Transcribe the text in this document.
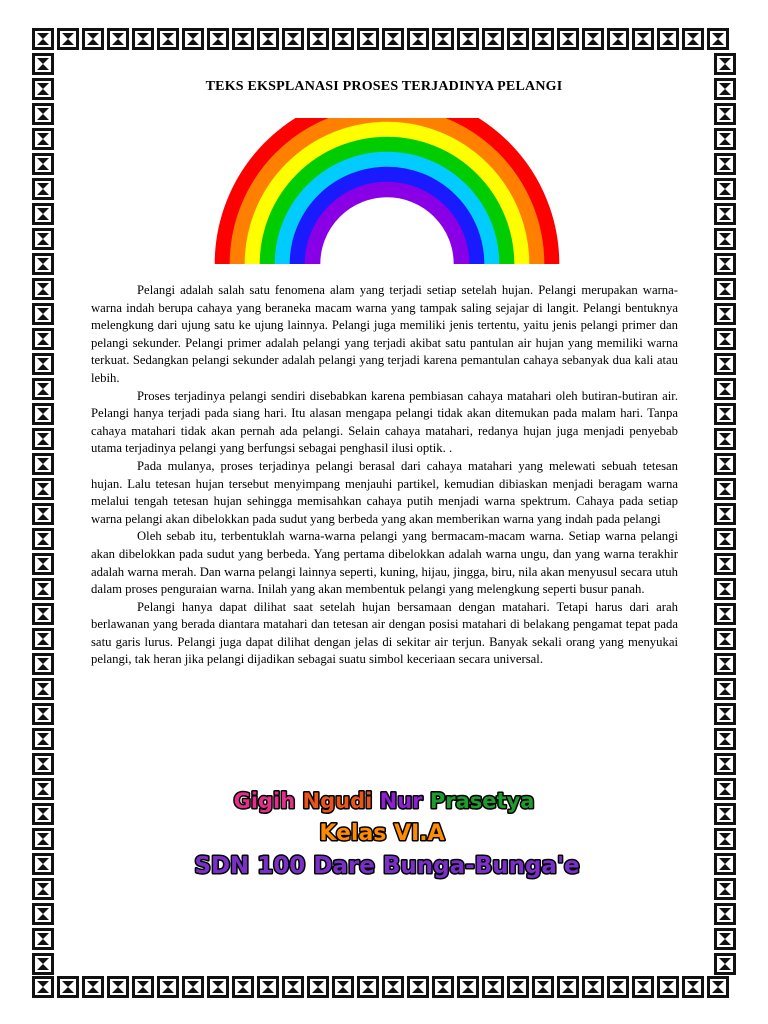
TEKS EKSPLANASI PROSES TERJADINYA PELANGI

Pelangi adalah salah satu fenomena alam yang terjadi setiap setelah hujan. Pelangi merupakan warna-warna indah berupa cahaya yang beraneka macam warna yang tampak saling sejajar di langit. Pelangi bentuknya melengkung dari ujung satu ke ujung lainnya. Pelangi juga memiliki jenis tertentu, yaitu jenis pelangi primer dan pelangi sekunder. Pelangi primer adalah pelangi yang terjadi akibat satu pantulan air hujan yang memiliki warna terkuat. Sedangkan pelangi sekunder adalah pelangi yang terjadi karena pemantulan cahaya sebanyak dua kali atau lebih.

Proses terjadinya pelangi sendiri disebabkan karena pembiasan cahaya matahari oleh butiran-butiran air. Pelangi hanya terjadi pada siang hari. Itu alasan mengapa pelangi tidak akan ditemukan pada malam hari. Tanpa cahaya matahari tidak akan pernah ada pelangi. Selain cahaya matahari, redanya hujan juga menjadi penyebab utama terjadinya pelangi yang berfungsi sebagai penghasil ilusi optik. .

Pada mulanya, proses terjadinya pelangi berasal dari cahaya matahari yang melewati sebuah tetesan hujan. Lalu tetesan hujan tersebut menyimpang menjauhi partikel, kemudian dibiaskan menjadi beragam warna melalui tengah tetesan hujan sehingga memisahkan cahaya putih menjadi warna spektrum. Cahaya pada setiap warna pelangi akan dibelokkan pada sudut yang berbeda yang akan memberikan warna yang indah pada pelangi

Oleh sebab itu, terbentuklah warna-warna pelangi yang bermacam-macam warna. Setiap warna pelangi akan dibelokkan pada sudut yang berbeda. Yang pertama dibelokkan adalah warna ungu, dan yang warna terakhir adalah warna merah. Dan warna pelangi lainnya seperti, kuning, hijau, jingga, biru, nila akan menyusul secara utuh dalam proses penguraian warna. Inilah yang akan membentuk pelangi yang melengkung seperti busur panah.

Pelangi hanya dapat dilihat saat setelah hujan bersamaan dengan matahari. Tetapi harus dari arah berlawanan yang berada diantara matahari dan tetesan air dengan posisi matahari di belakang pengamat tepat pada satu garis lurus. Pelangi juga dapat dilihat dengan jelas di sekitar air terjun. Banyak sekali orang yang menyukai pelangi, tak heran jika pelangi dijadikan sebagai suatu simbol keceriaan secara universal.

Gigih Ngudi Nur Prasetya
Kelas VI.A
SDN 100 Dare Bunga-Bunga'e
